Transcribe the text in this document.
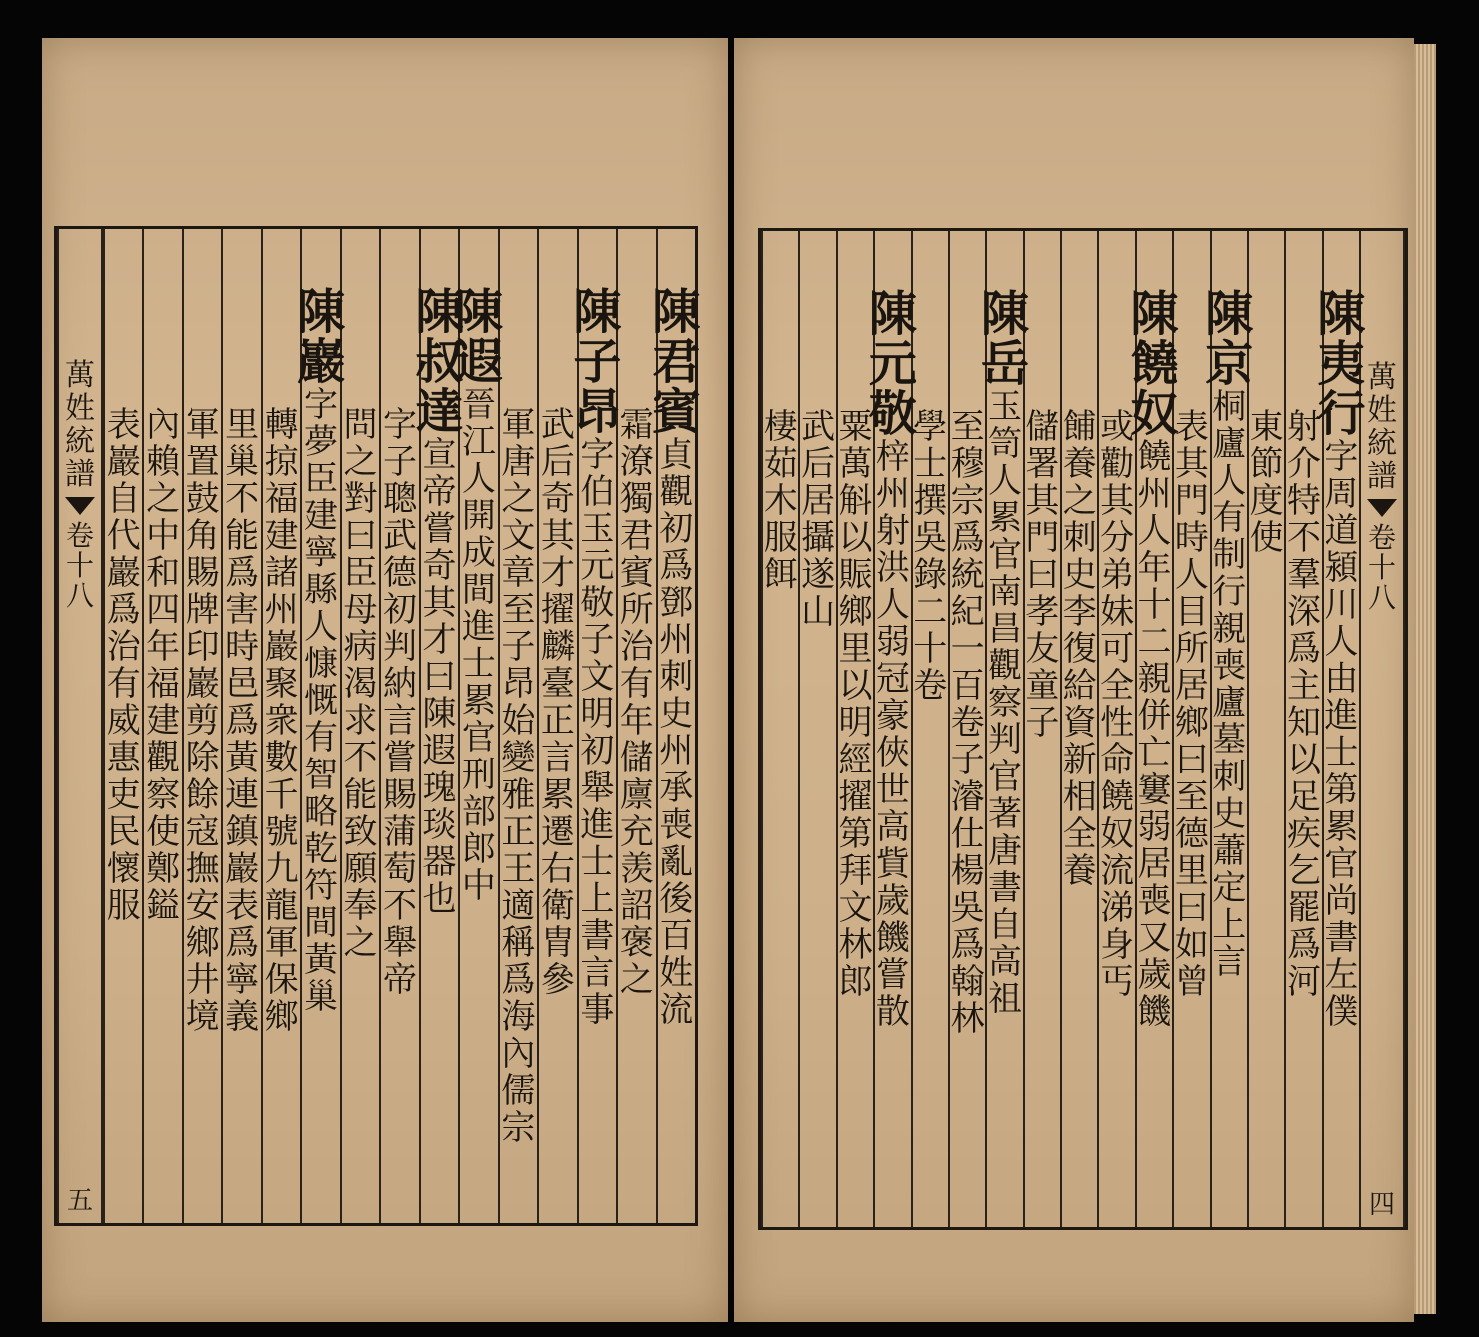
萬姓統譜
卷十八
五
陳君賓
貞觀初爲鄧州刺史州承喪亂後百姓流
霜潦獨君賓所治有年儲廪充羡詔褒之
陳子昂
字伯玉元敬子文明初舉進士上書言事
武后奇其才擢麟臺正言累遷右衛胄參
軍唐之文章至子昂始變雅正王適稱爲海內儒宗
陳遐
晉江人開成間進士累官刑部郎中
陳叔達
宣帝嘗奇其才曰陳遐瑰琰器也
字子聰武德初判納言嘗賜蒲萄不舉帝
問之對曰臣母病渴求不能致願奉之
陳巖
字夢臣建寧縣人慷慨有智略乾符間黃巢
轉掠福建諸州巖聚衆數千號九龍軍保鄉
里巢不能爲害時邑爲黃連鎮巖表爲寧義
軍置鼓角賜牌印巖剪除餘寇撫安鄉井境
內賴之中和四年福建觀察使鄭鎰
表巖自代巖爲治有威惠吏民懷服
萬姓統譜
卷十八
四
陳夷行
字周道潁川人由進士第累官尚書左僕
射介特不羣深爲主知以足疾乞罷爲河
東節度使
陳京
桐廬人有制行親喪廬墓刺史蕭定上言
表其門時人目所居鄉曰至德里曰如曾
陳饒奴
饒州人年十二親併亡窶弱居喪又歲饑
或勸其分弟妹可全性命饒奴流涕身丐
餔養之刺史李復給資新相全養
儲署其門曰孝友童子
陳岳
玉笥人累官南昌觀察判官著唐書自高祖
至穆宗爲統紀一百卷子濬仕楊吳爲翰林
學士撰吳錄二十卷
陳元敬
梓州射洪人弱冠豪俠世高貲歲饑嘗散
粟萬斛以賑鄉里以明經擢第拜文林郎
武后居攝遂山
棲茹木服餌
